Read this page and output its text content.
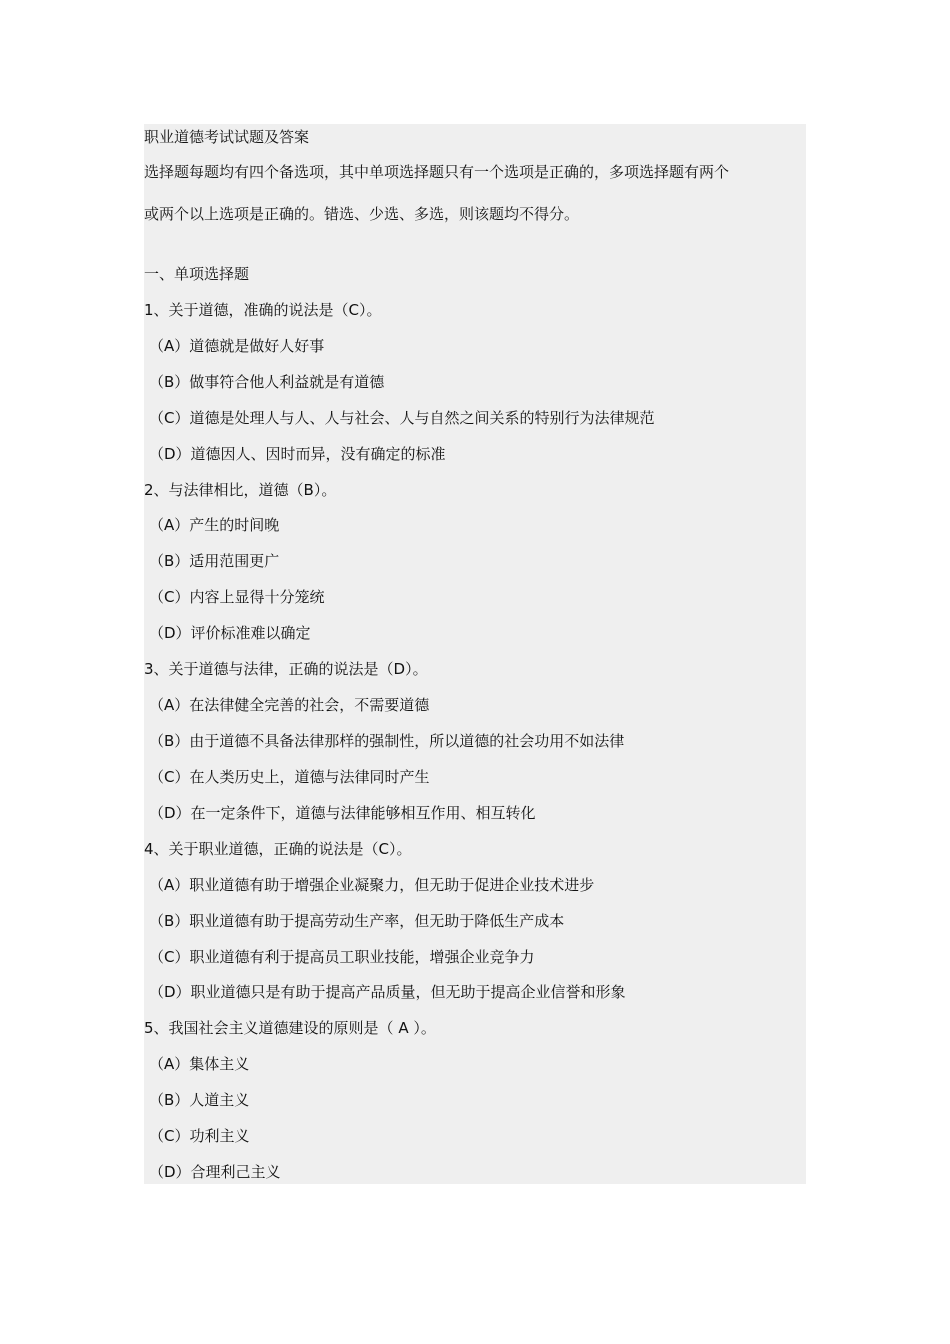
职业道德考试试题及答案
选择题每题均有四个备选项，其中单项选择题只有一个选项是正确的，多项选择题有两个
或两个以上选项是正确的。错选、少选、多选，则该题均不得分。
一、单项选择题
1、关于道德，准确的说法是（C）。
（A）道德就是做好人好事
（B）做事符合他人利益就是有道德
（C）道德是处理人与人、人与社会、人与自然之间关系的特别行为法律规范
（D）道德因人、因时而异，没有确定的标准
2、与法律相比，道德（B）。
（A）产生的时间晚
（B）适用范围更广
（C）内容上显得十分笼统
（D）评价标准难以确定
3、关于道德与法律，正确的说法是（D）。
（A）在法律健全完善的社会，不需要道德
（B）由于道德不具备法律那样的强制性，所以道德的社会功用不如法律
（C）在人类历史上，道德与法律同时产生
（D）在一定条件下，道德与法律能够相互作用、相互转化
4、关于职业道德，正确的说法是（C）。
（A）职业道德有助于增强企业凝聚力，但无助于促进企业技术进步
（B）职业道德有助于提高劳动生产率，但无助于降低生产成本
（C）职业道德有利于提高员工职业技能，增强企业竞争力
（D）职业道德只是有助于提高产品质量，但无助于提高企业信誉和形象
5、我国社会主义道德建设的原则是（ A ）。
（A）集体主义
（B）人道主义
（C）功利主义
（D）合理利己主义
